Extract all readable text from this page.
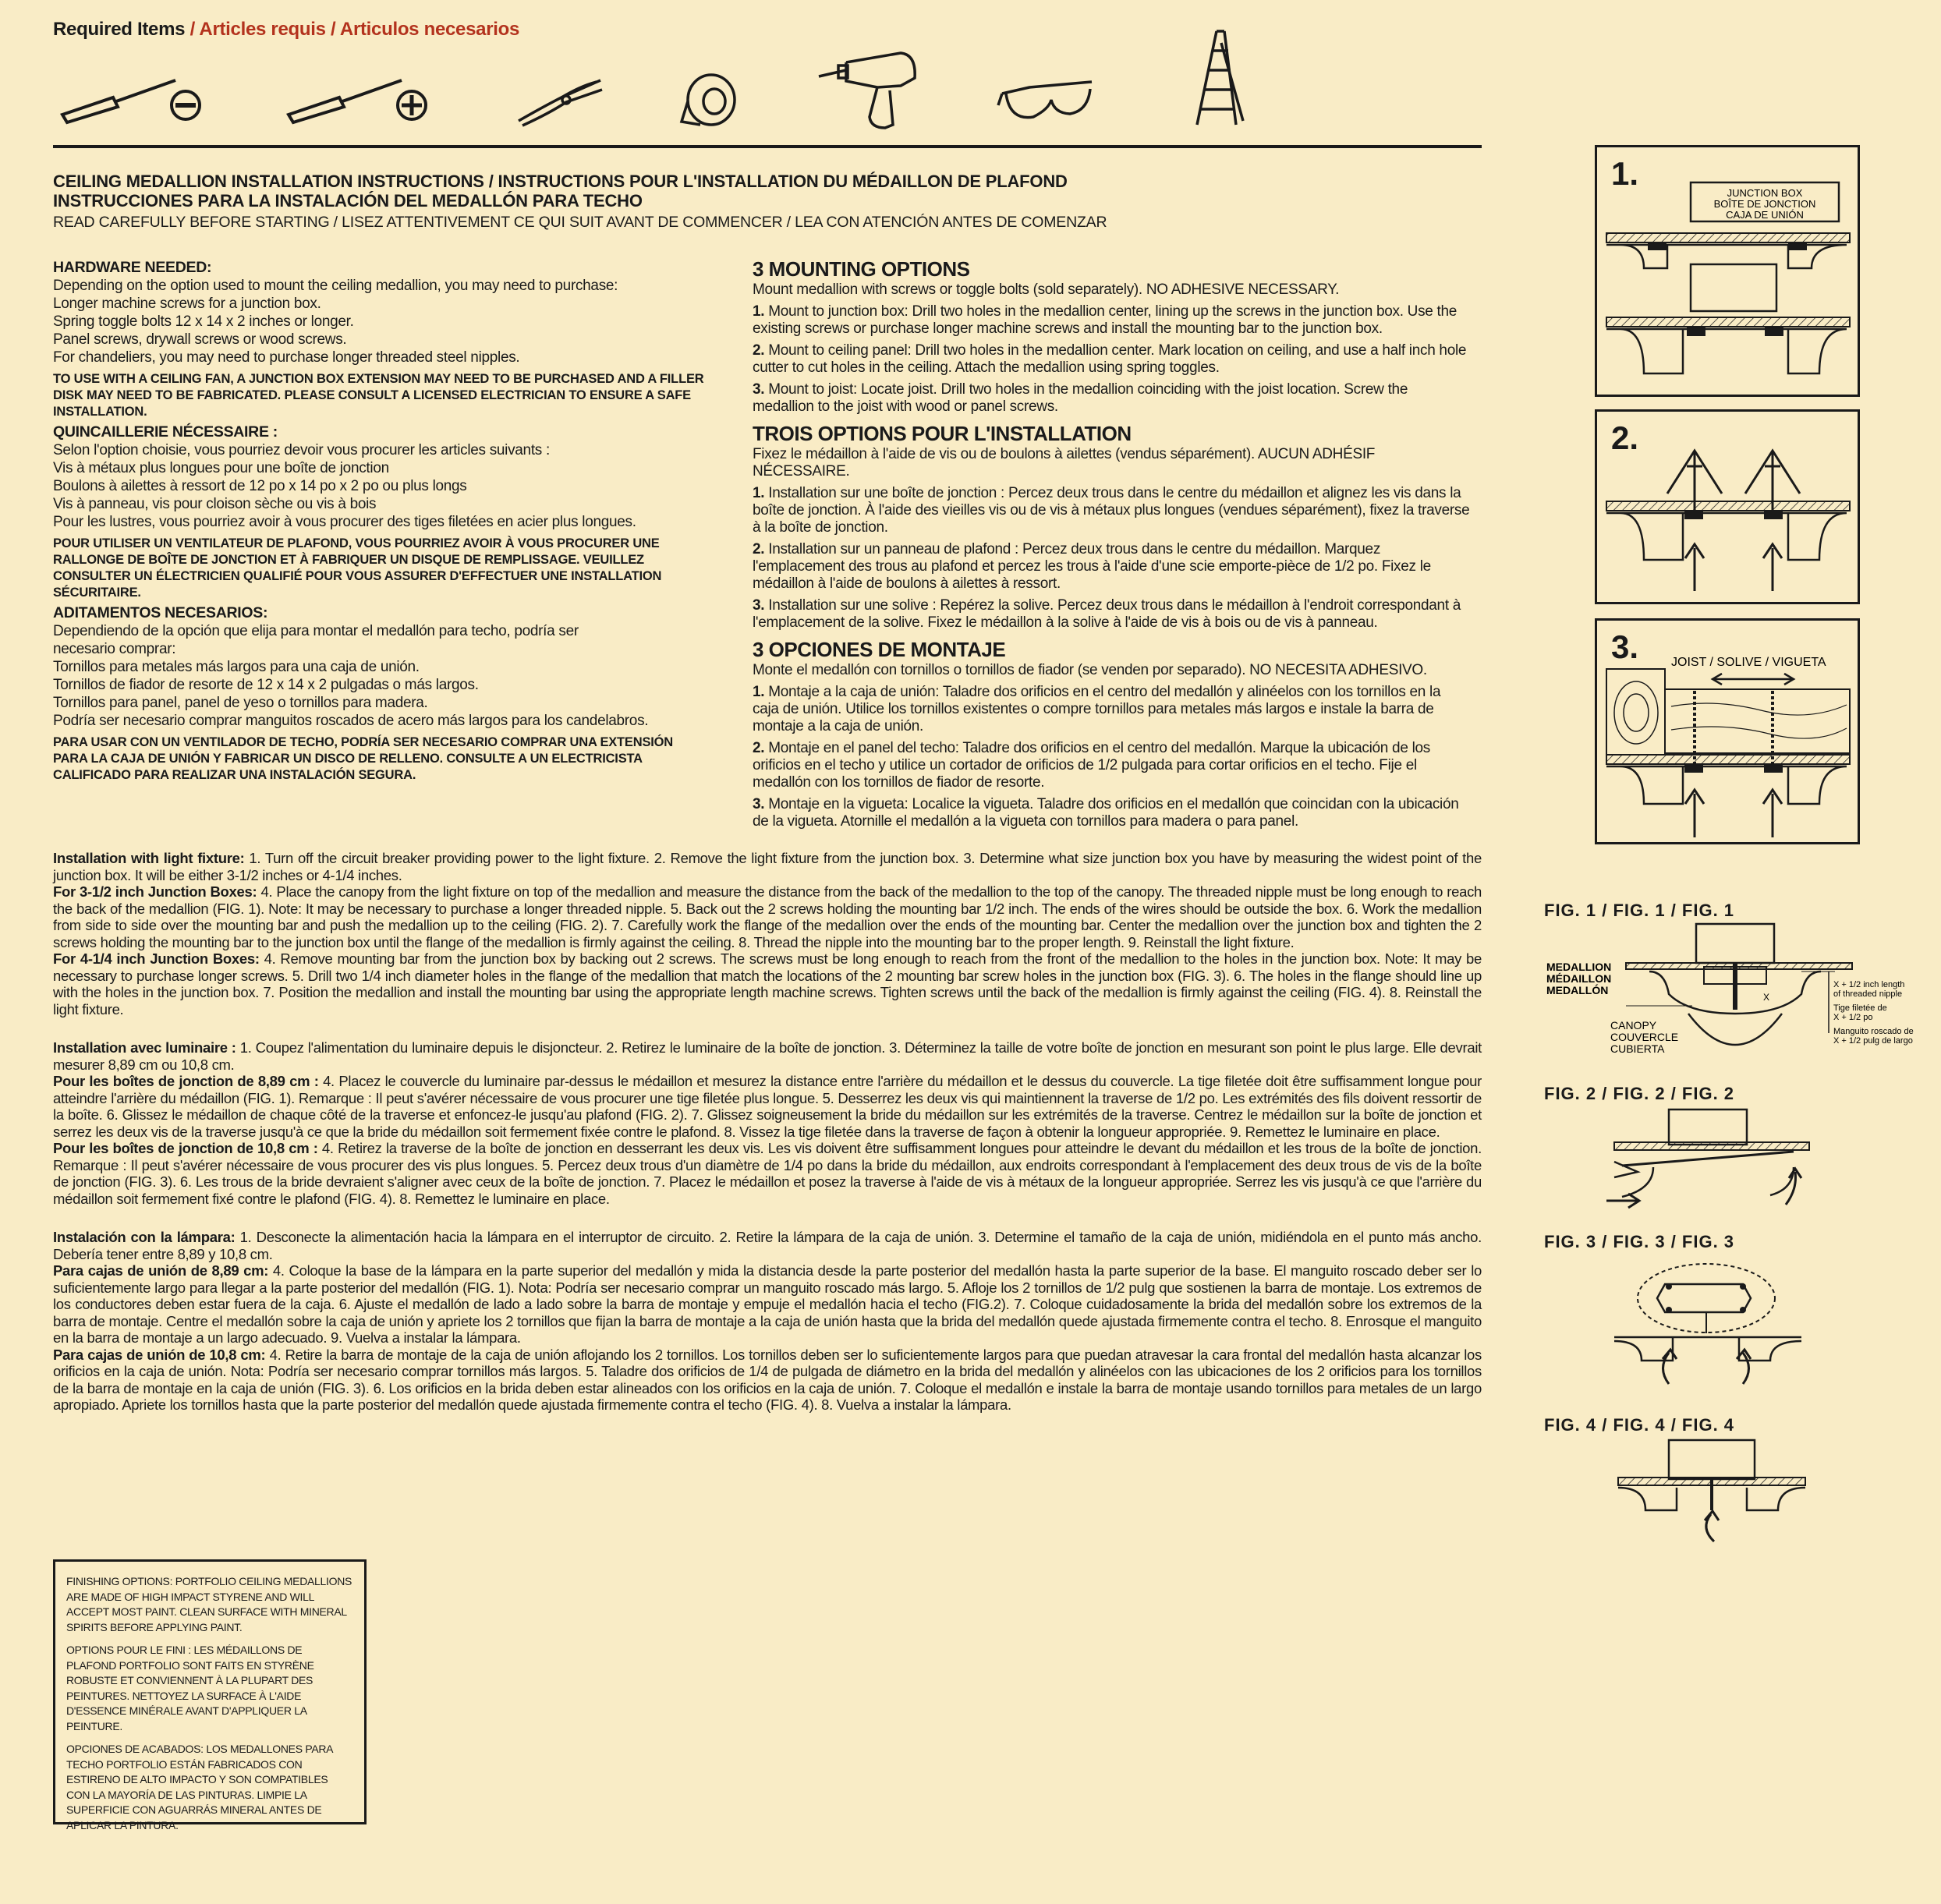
Required Items / Articles requis / Articulos necesarios
CEILING MEDALLION INSTALLATION INSTRUCTIONS / INSTRUCTIONS POUR L'INSTALLATION DU MÉDAILLON DE PLAFOND
INSTRUCCIONES PARA LA INSTALACIÓN DEL MEDALLÓN PARA TECHO
READ CAREFULLY BEFORE STARTING / LISEZ ATTENTIVEMENT CE QUI SUIT AVANT DE COMMENCER / LEA CON ATENCIÓN ANTES DE COMENZAR

HARDWARE NEEDED:

Depending on the option used to mount the ceiling medallion, you may need to purchase:

Longer machine screws for a junction box.

Spring toggle bolts 12 x 14 x 2 inches or longer.

Panel screws, drywall screws or wood screws.

For chandeliers, you may need to purchase longer threaded steel nipples.

TO USE WITH A CEILING FAN, A JUNCTION BOX EXTENSION MAY NEED TO BE PURCHASED AND A FILLER DISK MAY NEED TO BE FABRICATED. PLEASE CONSULT A LICENSED ELECTRICIAN TO ENSURE A SAFE INSTALLATION.

QUINCAILLERIE NÉCESSAIRE :

Selon l'option choisie, vous pourriez devoir vous procurer les articles suivants :

Vis à métaux plus longues pour une boîte de jonction

Boulons à ailettes à ressort de 12 po x 14 po x 2 po ou plus longs

Vis à panneau, vis pour cloison sèche ou vis à bois

Pour les lustres, vous pourriez avoir à vous procurer des tiges filetées en acier plus longues.

POUR UTILISER UN VENTILATEUR DE PLAFOND, VOUS POURRIEZ AVOIR À VOUS PROCURER UNE RALLONGE DE BOÎTE DE JONCTION ET À FABRIQUER UN DISQUE DE REMPLISSAGE. VEUILLEZ CONSULTER UN ÉLECTRICIEN QUALIFIÉ POUR VOUS ASSURER D'EFFECTUER UNE INSTALLATION SÉCURITAIRE.

ADITAMENTOS NECESARIOS:

Dependiendo de la opción que elija para montar el medallón para techo, podría ser necesario comprar:

Tornillos para metales más largos para una caja de unión.

Tornillos de fiador de resorte de 12 x 14 x 2 pulgadas o más largos.

Tornillos para panel, panel de yeso o tornillos para madera.

Podría ser necesario comprar manguitos roscados de acero más largos para los candelabros.

PARA USAR CON UN VENTILADOR DE TECHO, PODRÍA SER NECESARIO COMPRAR UNA EXTENSIÓN PARA LA CAJA DE UNIÓN Y FABRICAR UN DISCO DE RELLENO. CONSULTE A UN ELECTRICISTA CALIFICADO PARA REALIZAR UNA INSTALACIÓN SEGURA.

3 MOUNTING OPTIONS

Mount medallion with screws or toggle bolts (sold separately). NO ADHESIVE NECESSARY.

1. Mount to junction box: Drill two holes in the medallion center, lining up the screws in the junction box. Use the existing screws or purchase longer machine screws and install the mounting bar to the junction box.

2. Mount to ceiling panel: Drill two holes in the medallion center. Mark location on ceiling, and use a half inch hole cutter to cut holes in the ceiling. Attach the medallion using spring toggles.

3. Mount to joist: Locate joist. Drill two holes in the medallion coinciding with the joist location. Screw the medallion to the joist with wood or panel screws.

TROIS OPTIONS POUR L'INSTALLATION

Fixez le médaillon à l'aide de vis ou de boulons à ailettes (vendus séparément). AUCUN ADHÉSIF NÉCESSAIRE.

1. Installation sur une boîte de jonction : Percez deux trous dans le centre du médaillon et alignez les vis dans la boîte de jonction. À l'aide des vieilles vis ou de vis à métaux plus longues (vendues séparément), fixez la traverse à la boîte de jonction.

2. Installation sur un panneau de plafond : Percez deux trous dans le centre du médaillon. Marquez l'emplacement des trous au plafond et percez les trous à l'aide d'une scie emporte-pièce de 1/2 po. Fixez le médaillon à l'aide de boulons à ailettes à ressort.

3. Installation sur une solive : Repérez la solive. Percez deux trous dans le médaillon à l'endroit correspondant à l'emplacement de la solive. Fixez le médaillon à la solive à l'aide de vis à bois ou de vis à panneau.

3 OPCIONES DE MONTAJE

Monte el medallón con tornillos o tornillos de fiador (se venden por separado). NO NECESITA ADHESIVO.

1. Montaje a la caja de unión: Taladre dos orificios en el centro del medallón y alinéelos con los tornillos en la caja de unión. Utilice los tornillos existentes o compre tornillos para metales más largos e instale la barra de montaje a la caja de unión.

2. Montaje en el panel del techo: Taladre dos orificios en el centro del medallón. Marque la ubicación de los orificios en el techo y utilice un cortador de orificios de 1/2 pulgada para cortar orificios en el techo. Fije el medallón con los tornillos de fiador de resorte.

3. Montaje en la vigueta: Localice la vigueta. Taladre dos orificios en el medallón que coincidan con la ubicación de la vigueta. Atornille el medallón a la vigueta con tornillos para madera o para panel.

Installation with light fixture: 1. Turn off the circuit breaker providing power to the light fixture. 2. Remove the light fixture from the junction box. 3. Determine what size junction box you have by measuring the widest point of the junction box. It will be either 3-1/2 inches or 4-1/4 inches.

For 3-1/2 inch Junction Boxes: 4. Place the canopy from the light fixture on top of the medallion and measure the distance from the back of the medallion to the top of the canopy. The threaded nipple must be long enough to reach the back of the medallion (FIG. 1). Note: It may be necessary to purchase a longer threaded nipple. 5. Back out the 2 screws holding the mounting bar 1/2 inch. The ends of the wires should be outside the box. 6. Work the medallion from side to side over the mounting bar and push the medallion up to the ceiling (FIG. 2). 7. Carefully work the flange of the medallion over the ends of the mounting bar. Center the medallion over the junction box and tighten the 2 screws holding the mounting bar to the junction box until the flange of the medallion is firmly against the ceiling. 8. Thread the nipple into the mounting bar to the proper length. 9. Reinstall the light fixture.

For 4-1/4 inch Junction Boxes: 4. Remove mounting bar from the junction box by backing out 2 screws. The screws must be long enough to reach from the front of the medallion to the holes in the junction box. Note: It may be necessary to purchase longer screws. 5. Drill two 1/4 inch diameter holes in the flange of the medallion that match the locations of the 2 mounting bar screw holes in the junction box (FIG. 3). 6. The holes in the flange should line up with the holes in the junction box. 7. Position the medallion and install the mounting bar using the appropriate length machine screws. Tighten screws until the back of the medallion is firmly against the ceiling (FIG. 4). 8. Reinstall the light fixture.

Installation avec luminaire : 1. Coupez l'alimentation du luminaire depuis le disjoncteur. 2. Retirez le luminaire de la boîte de jonction. 3. Déterminez la taille de votre boîte de jonction en mesurant son point le plus large. Elle devrait mesurer 8,89 cm ou 10,8 cm.

Pour les boîtes de jonction de 8,89 cm : 4. Placez le couvercle du luminaire par-dessus le médaillon et mesurez la distance entre l'arrière du médaillon et le dessus du couvercle. La tige filetée doit être suffisamment longue pour atteindre l'arrière du médaillon (FIG. 1). Remarque : Il peut s'avérer nécessaire de vous procurer une tige filetée plus longue. 5. Desserrez les deux vis qui maintiennent la traverse de 1/2 po. Les extrémités des fils doivent ressortir de la boîte. 6. Glissez le médaillon de chaque côté de la traverse et enfoncez-le jusqu'au plafond (FIG. 2). 7. Glissez soigneusement la bride du médaillon sur les extrémités de la traverse. Centrez le médaillon sur la boîte de jonction et serrez les deux vis de la traverse jusqu'à ce que la bride du médaillon soit fermement fixée contre le plafond. 8. Vissez la tige filetée dans la traverse de façon à obtenir la longueur appropriée. 9. Remettez le luminaire en place.

Pour les boîtes de jonction de 10,8 cm : 4. Retirez la traverse de la boîte de jonction en desserrant les deux vis. Les vis doivent être suffisamment longues pour atteindre le devant du médaillon et les trous de la boîte de jonction. Remarque : Il peut s'avérer nécessaire de vous procurer des vis plus longues. 5. Percez deux trous d'un diamètre de 1/4 po dans la bride du médaillon, aux endroits correspondant à l'emplacement des deux trous de vis de la boîte de jonction (FIG. 3). 6. Les trous de la bride devraient s'aligner avec ceux de la boîte de jonction. 7. Placez le médaillon et posez la traverse à l'aide de vis à métaux de la longueur appropriée. Serrez les vis jusqu'à ce que l'arrière du médaillon soit fermement fixé contre le plafond (FIG. 4). 8. Remettez le luminaire en place.

Instalación con la lámpara: 1. Desconecte la alimentación hacia la lámpara en el interruptor de circuito. 2. Retire la lámpara de la caja de unión. 3. Determine el tamaño de la caja de unión, midiéndola en el punto más ancho. Debería tener entre 8,89 y 10,8 cm.

Para cajas de unión de 8,89 cm: 4. Coloque la base de la lámpara en la parte superior del medallón y mida la distancia desde la parte posterior del medallón hasta la parte superior de la base. El manguito roscado deber ser lo suficientemente largo para llegar a la parte posterior del medallón (FIG. 1). Nota: Podría ser necesario comprar un manguito roscado más largo. 5. Afloje los 2 tornillos de 1/2 pulg que sostienen la barra de montaje. Los extremos de los conductores deben estar fuera de la caja. 6. Ajuste el medallón de lado a lado sobre la barra de montaje y empuje el medallón hacia el techo (FIG.2). 7. Coloque cuidadosamente la brida del medallón sobre los extremos de la barra de montaje. Centre el medallón sobre la caja de unión y apriete los 2 tornillos que fijan la barra de montaje a la caja de unión hasta que la brida del medallón quede ajustada firmemente contra el techo. 8. Enrosque el manguito en la barra de montaje a un largo adecuado. 9. Vuelva a instalar la lámpara.

Para cajas de unión de 10,8 cm: 4. Retire la barra de montaje de la caja de unión aflojando los 2 tornillos. Los tornillos deben ser lo suficientemente largos para que puedan atravesar la cara frontal del medallón hasta alcanzar los orificios en la caja de unión. Nota: Podría ser necesario comprar tornillos más largos. 5. Taladre dos orificios de 1/4 de pulgada de diámetro en la brida del medallón y alinéelos con las ubicaciones de los 2 orificios para los tornillos de la barra de montaje en la caja de unión (FIG. 3). 6. Los orificios en la brida deben estar alineados con los orificios en la caja de unión. 7. Coloque el medallón e instale la barra de montaje usando tornillos para metales de un largo apropiado. Apriete los tornillos hasta que la parte posterior del medallón quede ajustada firmemente contra el techo (FIG. 4). 8. Vuelva a instalar la lámpara.

FINISHING OPTIONS: PORTFOLIO CEILING MEDALLIONS ARE MADE OF HIGH IMPACT STYRENE AND WILL ACCEPT MOST PAINT. CLEAN SURFACE WITH MINERAL SPIRITS BEFORE APPLYING PAINT.

OPTIONS POUR LE FINI : LES MÉDAILLONS DE PLAFOND PORTFOLIO SONT FAITS EN STYRÈNE ROBUSTE ET CONVIENNENT À LA PLUPART DES PEINTURES. NETTOYEZ LA SURFACE À L'AIDE D'ESSENCE MINÉRALE AVANT D'APPLIQUER LA PEINTURE.

OPCIONES DE ACABADOS: LOS MEDALLONES PARA TECHO PORTFOLIO ESTÁN FABRICADOS CON ESTIRENO DE ALTO IMPACTO Y SON COMPATIBLES CON LA MAYORÍA DE LAS PINTURAS. LIMPIE LA SUPERFICIE CON AGUARRÁS MINERAL ANTES DE APLICAR LA PINTURA.

1.
JUNCTION BOX
BOÎTE DE JONCTION
CAJA DE UNIÓN
2.
3.	JOIST / SOLIVE / VIGUETA
FIG. 1 / FIG. 1 / FIG. 1
MEDALLION
MÉDAILLON
MEDALLÓN
CANOPY
COUVERCLE
CUBIERTA
X
X + 1/2 inch length
of threaded nipple
Tige filetée de
X + 1/2 po
Manguito roscado de
X + 1/2 pulg de largo
FIG. 2 / FIG. 2 / FIG. 2
FIG. 3 / FIG. 3 / FIG. 3
FIG. 4 / FIG. 4 / FIG. 4
